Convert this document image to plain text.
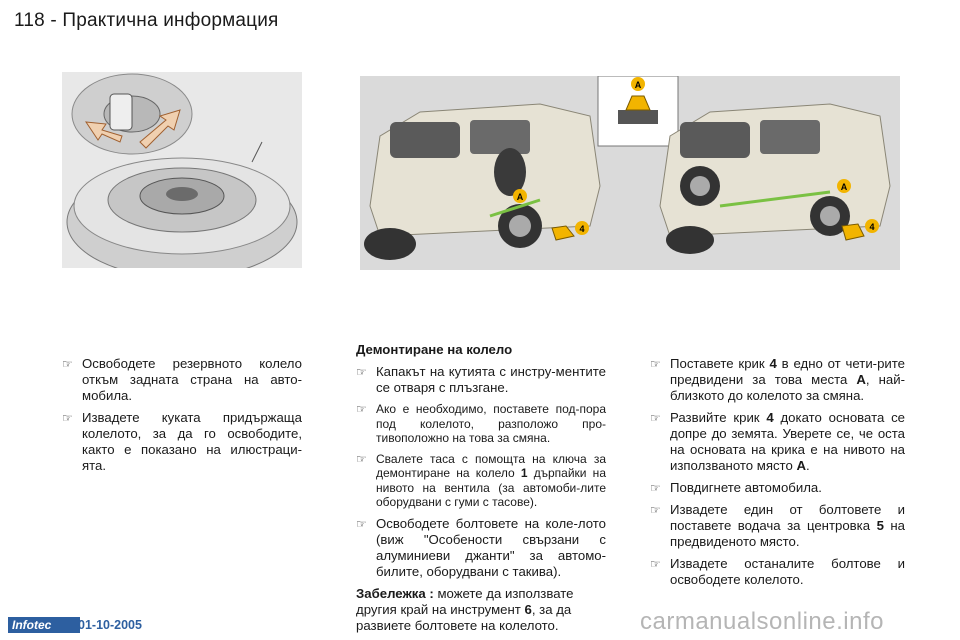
118 - Практична информация
A
A
4
A
4
☞ Освободете резервното колело откъм задната страна на авто-мобила.
☞ Извадете куката придържаща колелото, за да го освободите, както е показано на илюстраци-ята.
Демонтиране на колело
☞ Капакът на кутията с инстру-ментите се отваря с плъзгане.
☞ Ако е необходимо, поставете под-пора под колелото, разположо про-тивоположно на това за смяна.
☞ Свалете таса с помощта на ключа за демонтиране на колело 1 дърпайки на нивото на вентила (за автомоби-лите оборудвани с гуми с тасове).
☞ Освободете болтовете на коле-лото (виж "Особености свързани с алуминиеви джанти" за автомо-билите, оборудвани с такива).

Забележка : можете да използвате другия край на инструмент 6, за да развиете болтовете на колелото.

☞ Поставете крик 4 в едно от чети-рите предвидени за това места A, най-близкото до колелото за смяна.
☞ Развийте крик 4 докато основата се допре до земята. Уверете се, че оста на основата на крика е на нивото на използваното място A.
☞ Повдигнете автомобила.
☞ Извадете един от болтовете и поставете водача за центровка 5 на предвиденото място.
☞ Извадете останалите болтове и освободете колелото.
Infotec	01-10-2005	carmanualsonline.info
